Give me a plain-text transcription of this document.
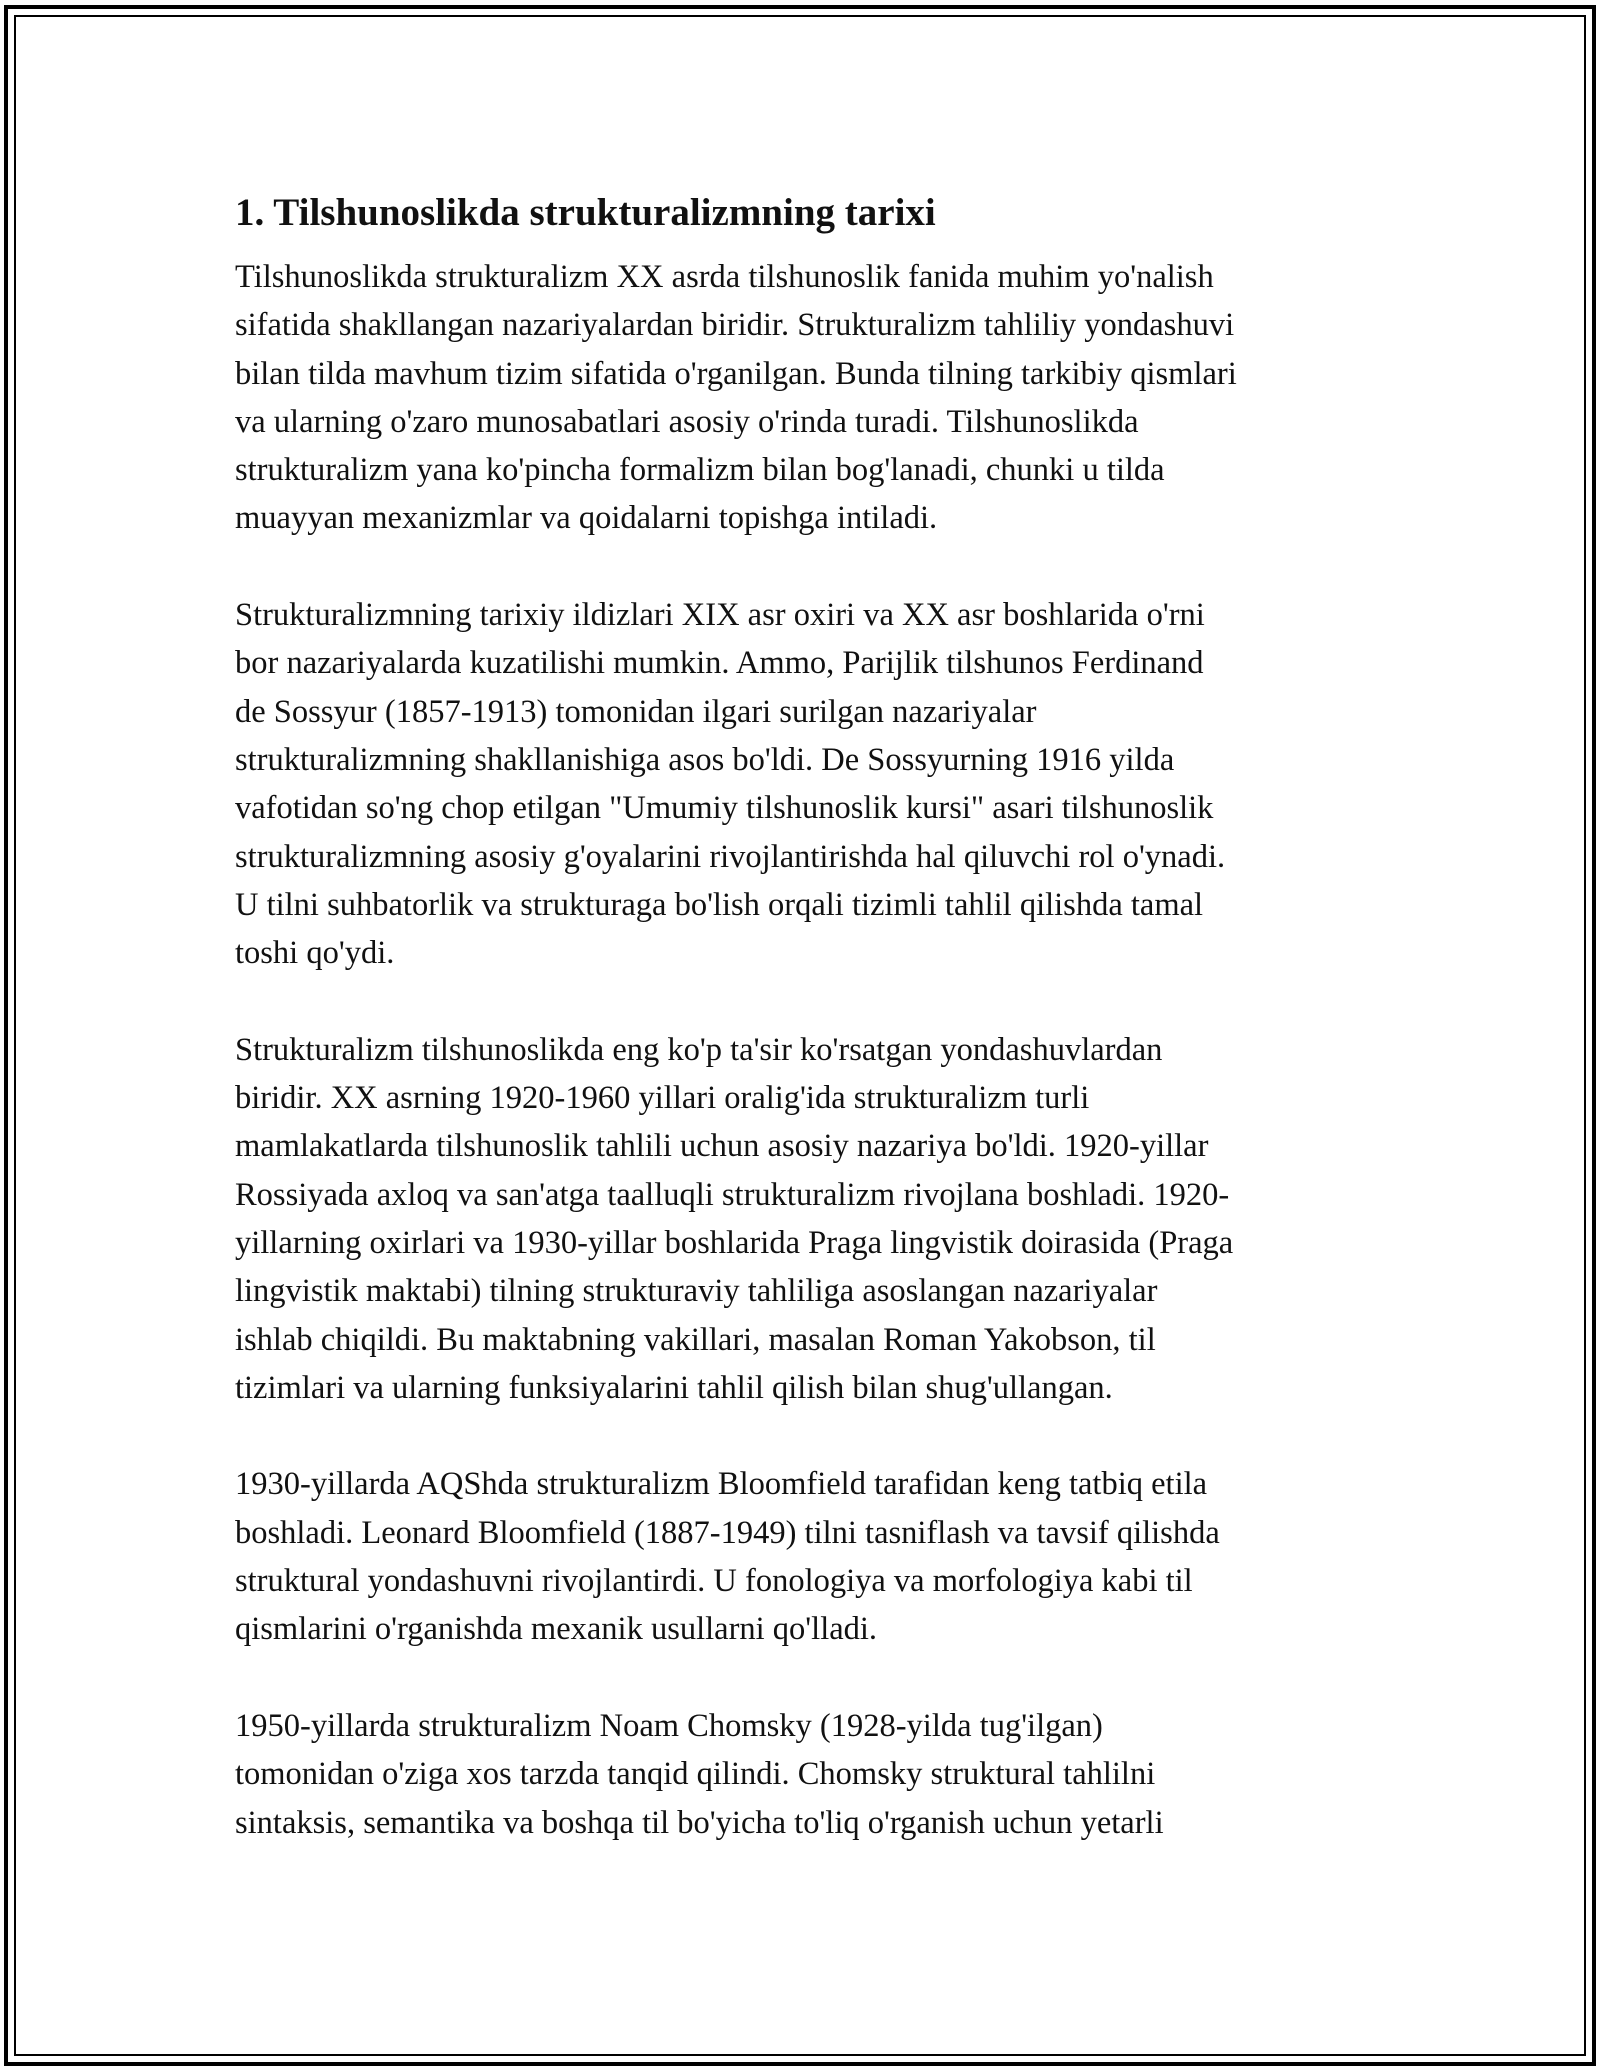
1. Tilshunoslikda strukturalizmning tarixi

Tilshunoslikda strukturalizm XX asrda tilshunoslik fanida muhim yo'nalish
sifatida shakllangan nazariyalardan biridir. Strukturalizm tahliliy yondashuvi
bilan tilda mavhum tizim sifatida o'rganilgan. Bunda tilning tarkibiy qismlari
va ularning o'zaro munosabatlari asosiy o'rinda turadi. Tilshunoslikda
strukturalizm yana ko'pincha formalizm bilan bog'lanadi, chunki u tilda
muayyan mexanizmlar va qoidalarni topishga intiladi.

Strukturalizmning tarixiy ildizlari XIX asr oxiri va XX asr boshlarida o'rni
bor nazariyalarda kuzatilishi mumkin. Ammo, Parijlik tilshunos Ferdinand
de Sossyur (1857-1913) tomonidan ilgari surilgan nazariyalar
strukturalizmning shakllanishiga asos bo'ldi. De Sossyurning 1916 yilda
vafotidan so'ng chop etilgan "Umumiy tilshunoslik kursi" asari tilshunoslik
strukturalizmning asosiy g'oyalarini rivojlantirishda hal qiluvchi rol o'ynadi.
U tilni suhbatorlik va strukturaga bo'lish orqali tizimli tahlil qilishda tamal
toshi qo'ydi.

Strukturalizm tilshunoslikda eng ko'p ta'sir ko'rsatgan yondashuvlardan
biridir. XX asrning 1920-1960 yillari oralig'ida strukturalizm turli
mamlakatlarda tilshunoslik tahlili uchun asosiy nazariya bo'ldi. 1920-yillar
Rossiyada axloq va san'atga taalluqli strukturalizm rivojlana boshladi. 1920-
yillarning oxirlari va 1930-yillar boshlarida Praga lingvistik doirasida (Praga
lingvistik maktabi) tilning strukturaviy tahliliga asoslangan nazariyalar
ishlab chiqildi. Bu maktabning vakillari, masalan Roman Yakobson, til
tizimlari va ularning funksiyalarini tahlil qilish bilan shug'ullangan.

1930-yillarda AQShda strukturalizm Bloomfield tarafidan keng tatbiq etila
boshladi. Leonard Bloomfield (1887-1949) tilni tasniflash va tavsif qilishda
struktural yondashuvni rivojlantirdi. U fonologiya va morfologiya kabi til
qismlarini o'rganishda mexanik usullarni qo'lladi.

1950-yillarda strukturalizm Noam Chomsky (1928-yilda tug'ilgan)
tomonidan o'ziga xos tarzda tanqid qilindi. Chomsky struktural tahlilni
sintaksis, semantika va boshqa til bo'yicha to'liq o'rganish uchun yetarli
